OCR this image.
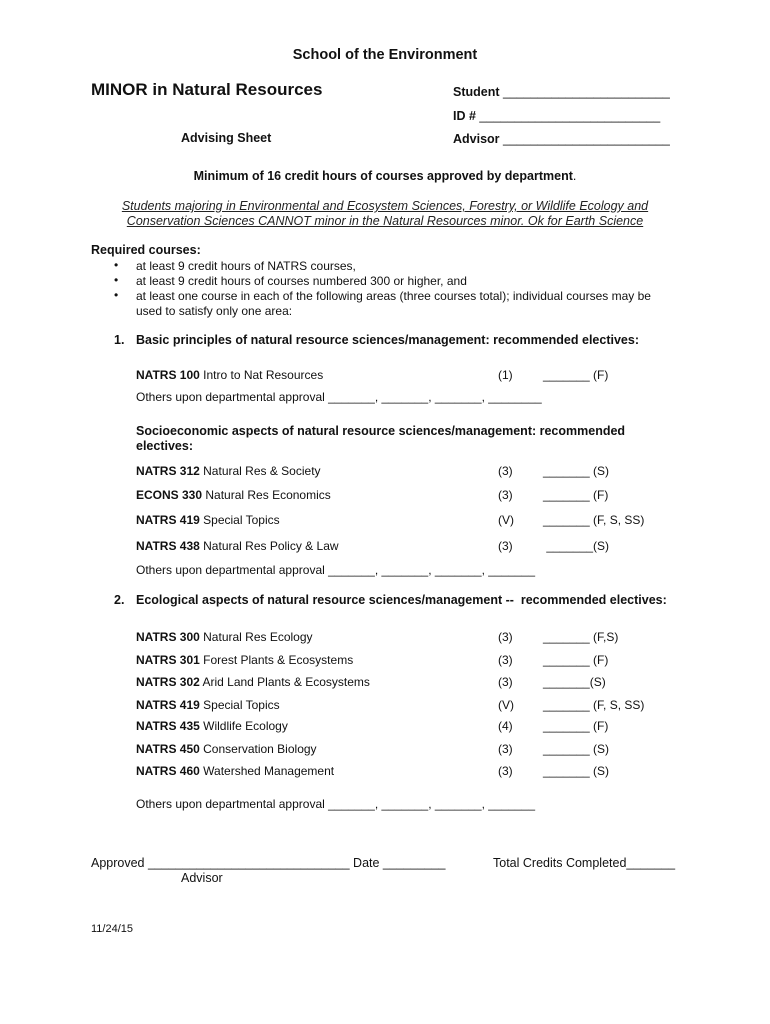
School of the Environment
MINOR in Natural Resources
Advising Sheet
Student ________________________
ID # __________________________
Advisor ________________________
Minimum of 16 credit hours of courses approved by department.
Students majoring in Environmental and Ecosystem Sciences, Forestry, or Wildlife Ecology and
Conservation Sciences CANNOT minor in the Natural Resources minor. Ok for Earth Science
Required courses:
• at least 9 credit hours of NATRS courses,
• at least 9 credit hours of courses numbered 300 or higher, and
• at least one course in each of the following areas (three courses total); individual courses may be
used to satisfy only one area:
1. Basic principles of natural resource sciences/management: recommended electives:
NATRS 100 Intro to Nat Resources	(1)	_______ (F)
Others upon departmental approval _______, _______, _______, ________
Socioeconomic aspects of natural resource sciences/management: recommended
electives:
NATRS 312 Natural Res & Society	(3)	_______ (S)
ECONS 330 Natural Res Economics	(3)	_______ (F)
NATRS 419 Special Topics	(V) _______ (F, S, SS)
NATRS 438 Natural Res Policy & Law	(3)	_______(S)
Others upon departmental approval _______, _______, _______, _______
2. Ecological aspects of natural resource sciences/management --  recommended electives:
NATRS 300 Natural Res Ecology	(3)	_______ (F,S)
NATRS 301 Forest Plants & Ecosystems	(3)	_______ (F)
NATRS 302 Arid Land Plants & Ecosystems	(3)	_______(S)
NATRS 419 Special Topics	(V) _______ (F, S, SS)
NATRS 435 Wildlife Ecology	(4)	_______ (F)
NATRS 450 Conservation Biology	(3)	_______ (S)
NATRS 460 Watershed Management	(3)	_______ (S)
Others upon departmental approval _______, _______, _______, _______
Approved _____________________________ Date _________	Total Credits Completed_______
Advisor
11/24/15
